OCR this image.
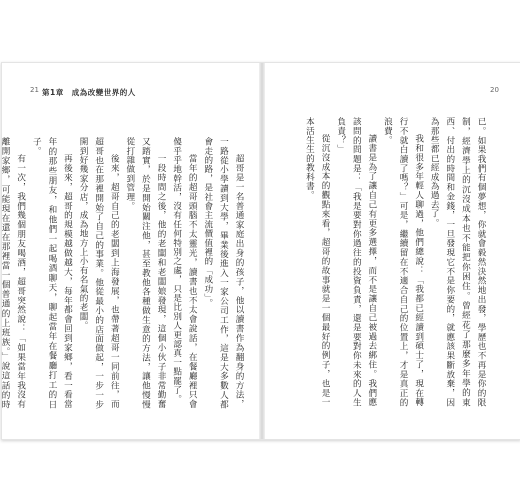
21 第1章　成為改變世界的人	20

已。如果我們有個夢想，你就會毅然決然地出發，學歷也不再是你的限制，經濟學上的沉沒成本也不能把你困住。曾經花了那麼多年學的東西、付出的時間和金錢，一旦發現它不是你要的，就應該果斷放棄，因為那些都已經成為過去了。

我和很多年輕人聊過，他們總說：「我都已經讀到碩士了，現在轉行不就白讀了嗎？」可是，繼續留在不適合自己的位置上，才是真正的浪費。

讀書是為了讓自己有更多選擇，而不是讓自己被過去綁住。我們應該問的問題是：「我是要對你過往的投資負責，還是要對你未來的人生負責？」

從沉沒成本的觀點來看，超哥的故事就是一個最好的例子，也是一本活生生的教科書。

超哥是一名普通家庭出身的孩子，他以讀書作為翻身的方法，一路從小學讀到大學，畢業後進入一家公司工作，這是大多數人都會走的路，是社會主流價值裡的「成功」。

當年的超哥頭腦不太靈光，讀書也不太會說話，在餐廳裡只會傻乎乎地幹活，沒有任何特別之處，只是比別人更認真一點罷了。

一段時間之後，他的老闆和老闆娘發現，這個小伙子非常勤奮又踏實，於是開始關注他，甚至教他各種做生意的方法，讓他慢慢從打雜做到管理。

後來，超哥自己的老闆到上海發展，也帶著超哥一同前往，而超哥也在那裡開始了自己的事業。他從最小的店面做起，一步一步開到好幾家分店，成為地方上小有名氣的老闆。

再後來，超哥的規模越做越大，每年都會回到家鄉，看一看當年的那些朋友，和他們一起喝酒聊天，聊起當年在餐廳打工的日子。

有一次，我們幾個朋友喝酒，超哥突然說：「如果當年我沒有離開家鄉，可能現在還在那裡當一個普通的上班族。」說這話的時
